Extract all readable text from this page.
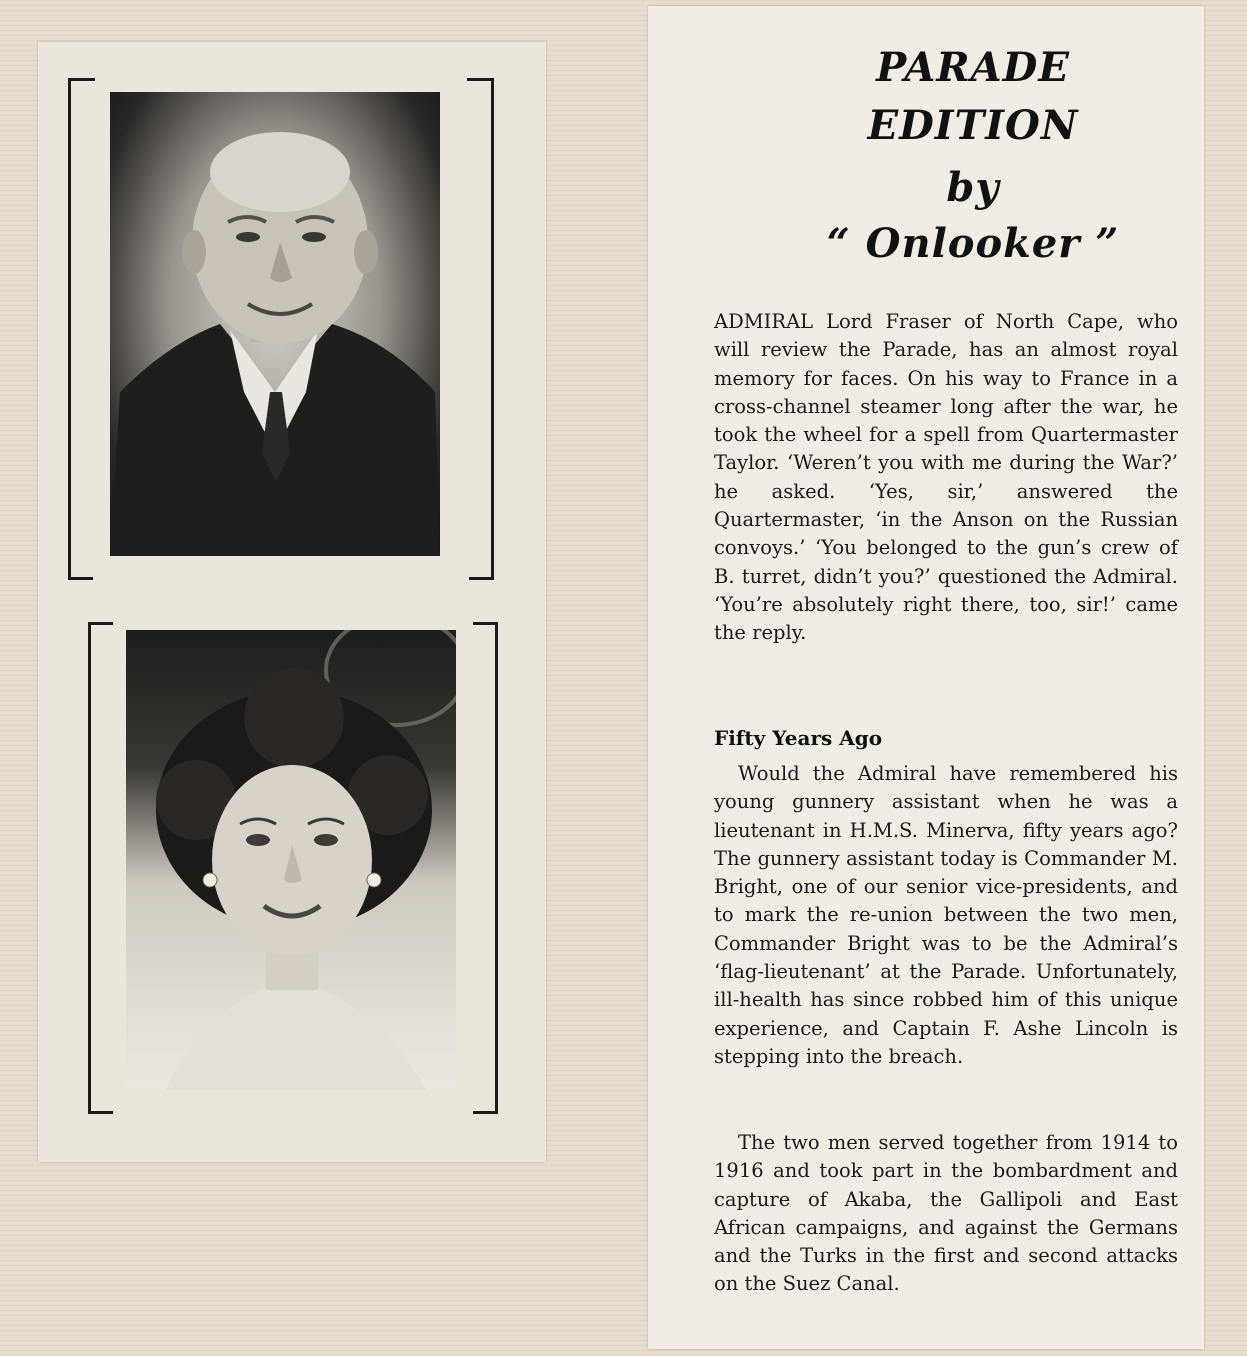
PARADE
EDITION
by
“ Onlooker ”

ADMIRAL Lord Fraser of North Cape, who will review the Parade, has an almost royal memory for faces. On his way to France in a cross-channel steamer long after the war, he took the wheel for a spell from Quartermaster Taylor. ‘Weren’t you with me during the War?’ he asked. ‘Yes, sir,’ answered the Quartermaster, ‘in the Anson on the Russian convoys.’ ‘You belonged to the gun’s crew of B. turret, didn’t you?’ questioned the Admiral. ‘You’re absolutely right there, too, sir!’ came the reply.

Fifty Years Ago

Would the Admiral have remembered his young gunnery assistant when he was a lieutenant in H.M.S. Minerva, fifty years ago? The gunnery assistant today is Commander M. Bright, one of our senior vice-presidents, and to mark the re-union between the two men, Commander Bright was to be the Admiral’s ‘flag-lieutenant’ at the Parade. Unfortunately, ill-health has since robbed him of this unique experience, and Captain F. Ashe Lincoln is stepping into the breach.

The two men served together from 1914 to 1916 and took part in the bombardment and capture of Akaba, the Gallipoli and East African campaigns, and against the Germans and the Turks in the first and second attacks on the Suez Canal.
